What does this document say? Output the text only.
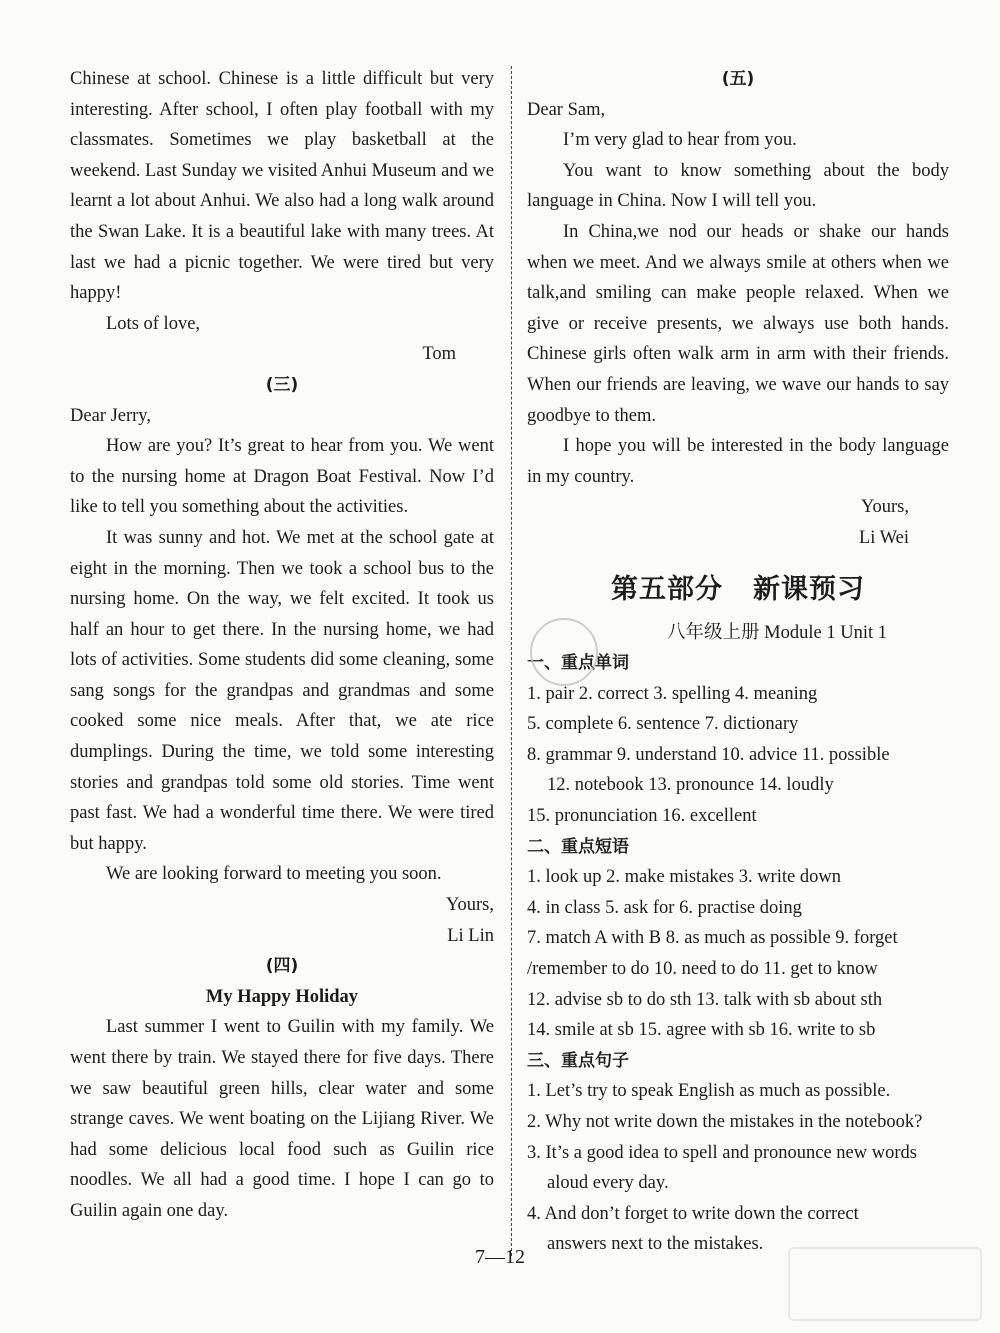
Chinese at school. Chinese is a little difficult but very interesting. After school, I often play football with my classmates. Sometimes we play basketball at the weekend. Last Sunday we visited Anhui Museum and we learnt a lot about Anhui. We also had a long walk around the Swan Lake. It is a beautiful lake with many trees. At last we had a picnic together. We were tired but very happy!

Lots of love,

Tom

(三)

Dear Jerry,

How are you? It’s great to hear from you. We went to the nursing home at Dragon Boat Festival. Now I’d like to tell you something about the activities.

It was sunny and hot. We met at the school gate at eight in the morning. Then we took a school bus to the nursing home. On the way, we felt excited. It took us half an hour to get there. In the nursing home, we had lots of activities. Some students did some cleaning, some sang songs for the grandpas and grandmas and some cooked some nice meals. After that, we ate rice dumplings. During the time, we told some interesting stories and grandpas told some old stories. Time went past fast. We had a wonderful time there. We were tired but happy.

We are looking forward to meeting you soon.

Yours,

Li Lin

(四)

My Happy Holiday

Last summer I went to Guilin with my family. We went there by train. We stayed there for five days. There we saw beautiful green hills, clear water and some strange caves. We went boating on the Lijiang River. We had some delicious local food such as Guilin rice noodles. We all had a good time. I hope I can go to Guilin again one day.

(五)

Dear Sam,

I’m very glad to hear from you.

You want to know something about the body language in China. Now I will tell you.

In China,we nod our heads or shake our hands when we meet. And we always smile at others when we talk,and smiling can make people relaxed. When we give or receive presents, we always use both hands. Chinese girls often walk arm in arm with their friends. When our friends are leaving, we wave our hands to say goodbye to them.

I hope you will be interested in the body language in my country.

Yours,

Li Wei

第五部分 新课预习

八年级上册 Module 1 Unit 1

一、重点单词

1. pair 2. correct 3. spelling 4. meaning

5. complete 6. sentence 7. dictionary

8. grammar 9. understand 10. advice 11. possible

12. notebook 13. pronounce 14. loudly

15. pronunciation 16. excellent

二、重点短语

1. look up 2. make mistakes 3. write down

4. in class 5. ask for 6. practise doing

7. match A with B 8. as much as possible 9. forget

/remember to do 10. need to do 11. get to know

12. advise sb to do sth 13. talk with sb about sth

14. smile at sb 15. agree with sb 16. write to sb

三、重点句子

1. Let’s try to speak English as much as possible.

2. Why not write down the mistakes in the notebook?

3. It’s a good idea to spell and pronounce new words

aloud every day.

4. And don’t forget to write down the correct

answers next to the mistakes.

7—12
